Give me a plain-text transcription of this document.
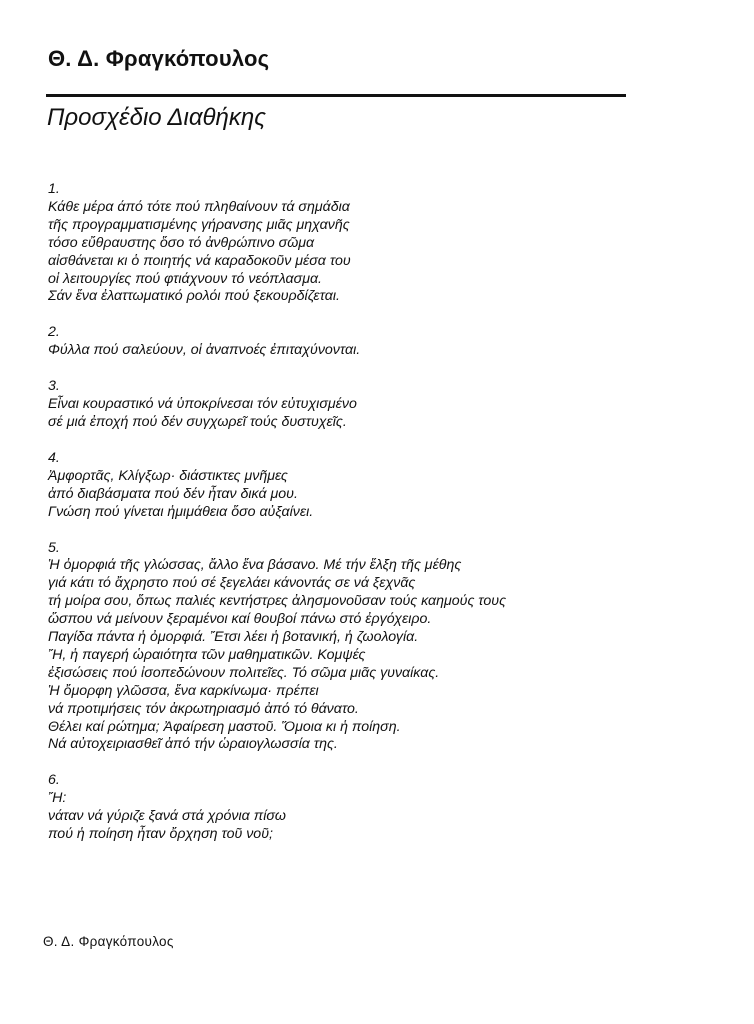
Θ. Δ. Φραγκόπουλος
Προσχέδιο Διαθήκης
1.
Κάθε μέρα άπό τότε πού πληθαίνουν τά σημάδια
τῆς προγραμματισμένης γήρανσης μιᾶς μηχανῆς
τόσο εὔθραυστης ὅσο τό ἀνθρώπινο σῶμα
αἰσθάνεται κι ὁ ποιητής νά καραδοκοῦν μέσα του
οἱ λειτουργίες πού φτιάχνουν τό νεόπλασμα.
Σάν ἕνα ἐλαττωματικό ρολόι πού ξεκουρδίζεται.
2.
Φύλλα πού σαλεύουν, οἱ ἀναπνοές ἐπιταχύνονται.
3.
Εἶναι κουραστικό νά ὑποκρίνεσαι τόν εὐτυχισμένο
σέ μιά ἐποχή πού δέν συγχωρεῖ τούς δυστυχεῖς.
4.
Ἀμφορτᾶς, Κλίγξωρ· διάστικτες μνῆμες
ἀπό διαβάσματα πού δέν ἦταν δικά μου.
Γνώση πού γίνεται ἡμιμάθεια ὅσο αὐξαίνει.
5.
Ἡ ὀμορφιά τῆς γλώσσας, ἄλλο ἕνα βάσανο. Μέ τήν ἕλξη τῆς μέθης
γιά κάτι τό ἄχρηστο πού σέ ξεγελάει κάνοντάς σε νά ξεχνᾶς
τή μοίρα σου, ὅπως παλιές κεντήστρες ἀλησμονοῦσαν τούς καημούς τους
ὥσπου νά μείνουν ξεραμένοι καί θουβοί πάνω στό ἐργόχειρο.
Παγίδα πάντα ἡ ὀμορφιά. Ἔτσι λέει ἡ βοτανική, ἡ ζωολογία.
Ἤ, ἡ παγερή ὡραιότητα τῶν μαθηματικῶν. Κομψές
ἐξισώσεις πού ἰσοπεδώνουν πολιτεῖες. Τό σῶμα μιᾶς γυναίκας.
Ἡ ὄμορφη γλῶσσα, ἕνα καρκίνωμα· πρέπει
νά προτιμήσεις τόν ἀκρωτηριασμό ἀπό τό θάνατο.
Θέλει καί ρώτημα; Ἀφαίρεση μαστοῦ. Ὅμοια κι ἡ ποίηση.
Νά αὐτοχειριασθεῖ ἀπό τήν ὡραιογλωσσία της.
6.
Ἤ:
νάταν νά γύριζε ξανά στά χρόνια πίσω
πού ἡ ποίηση ἦταν ὄρχηση τοῦ νοῦ;
Θ. Δ. Φραγκόπουλος
